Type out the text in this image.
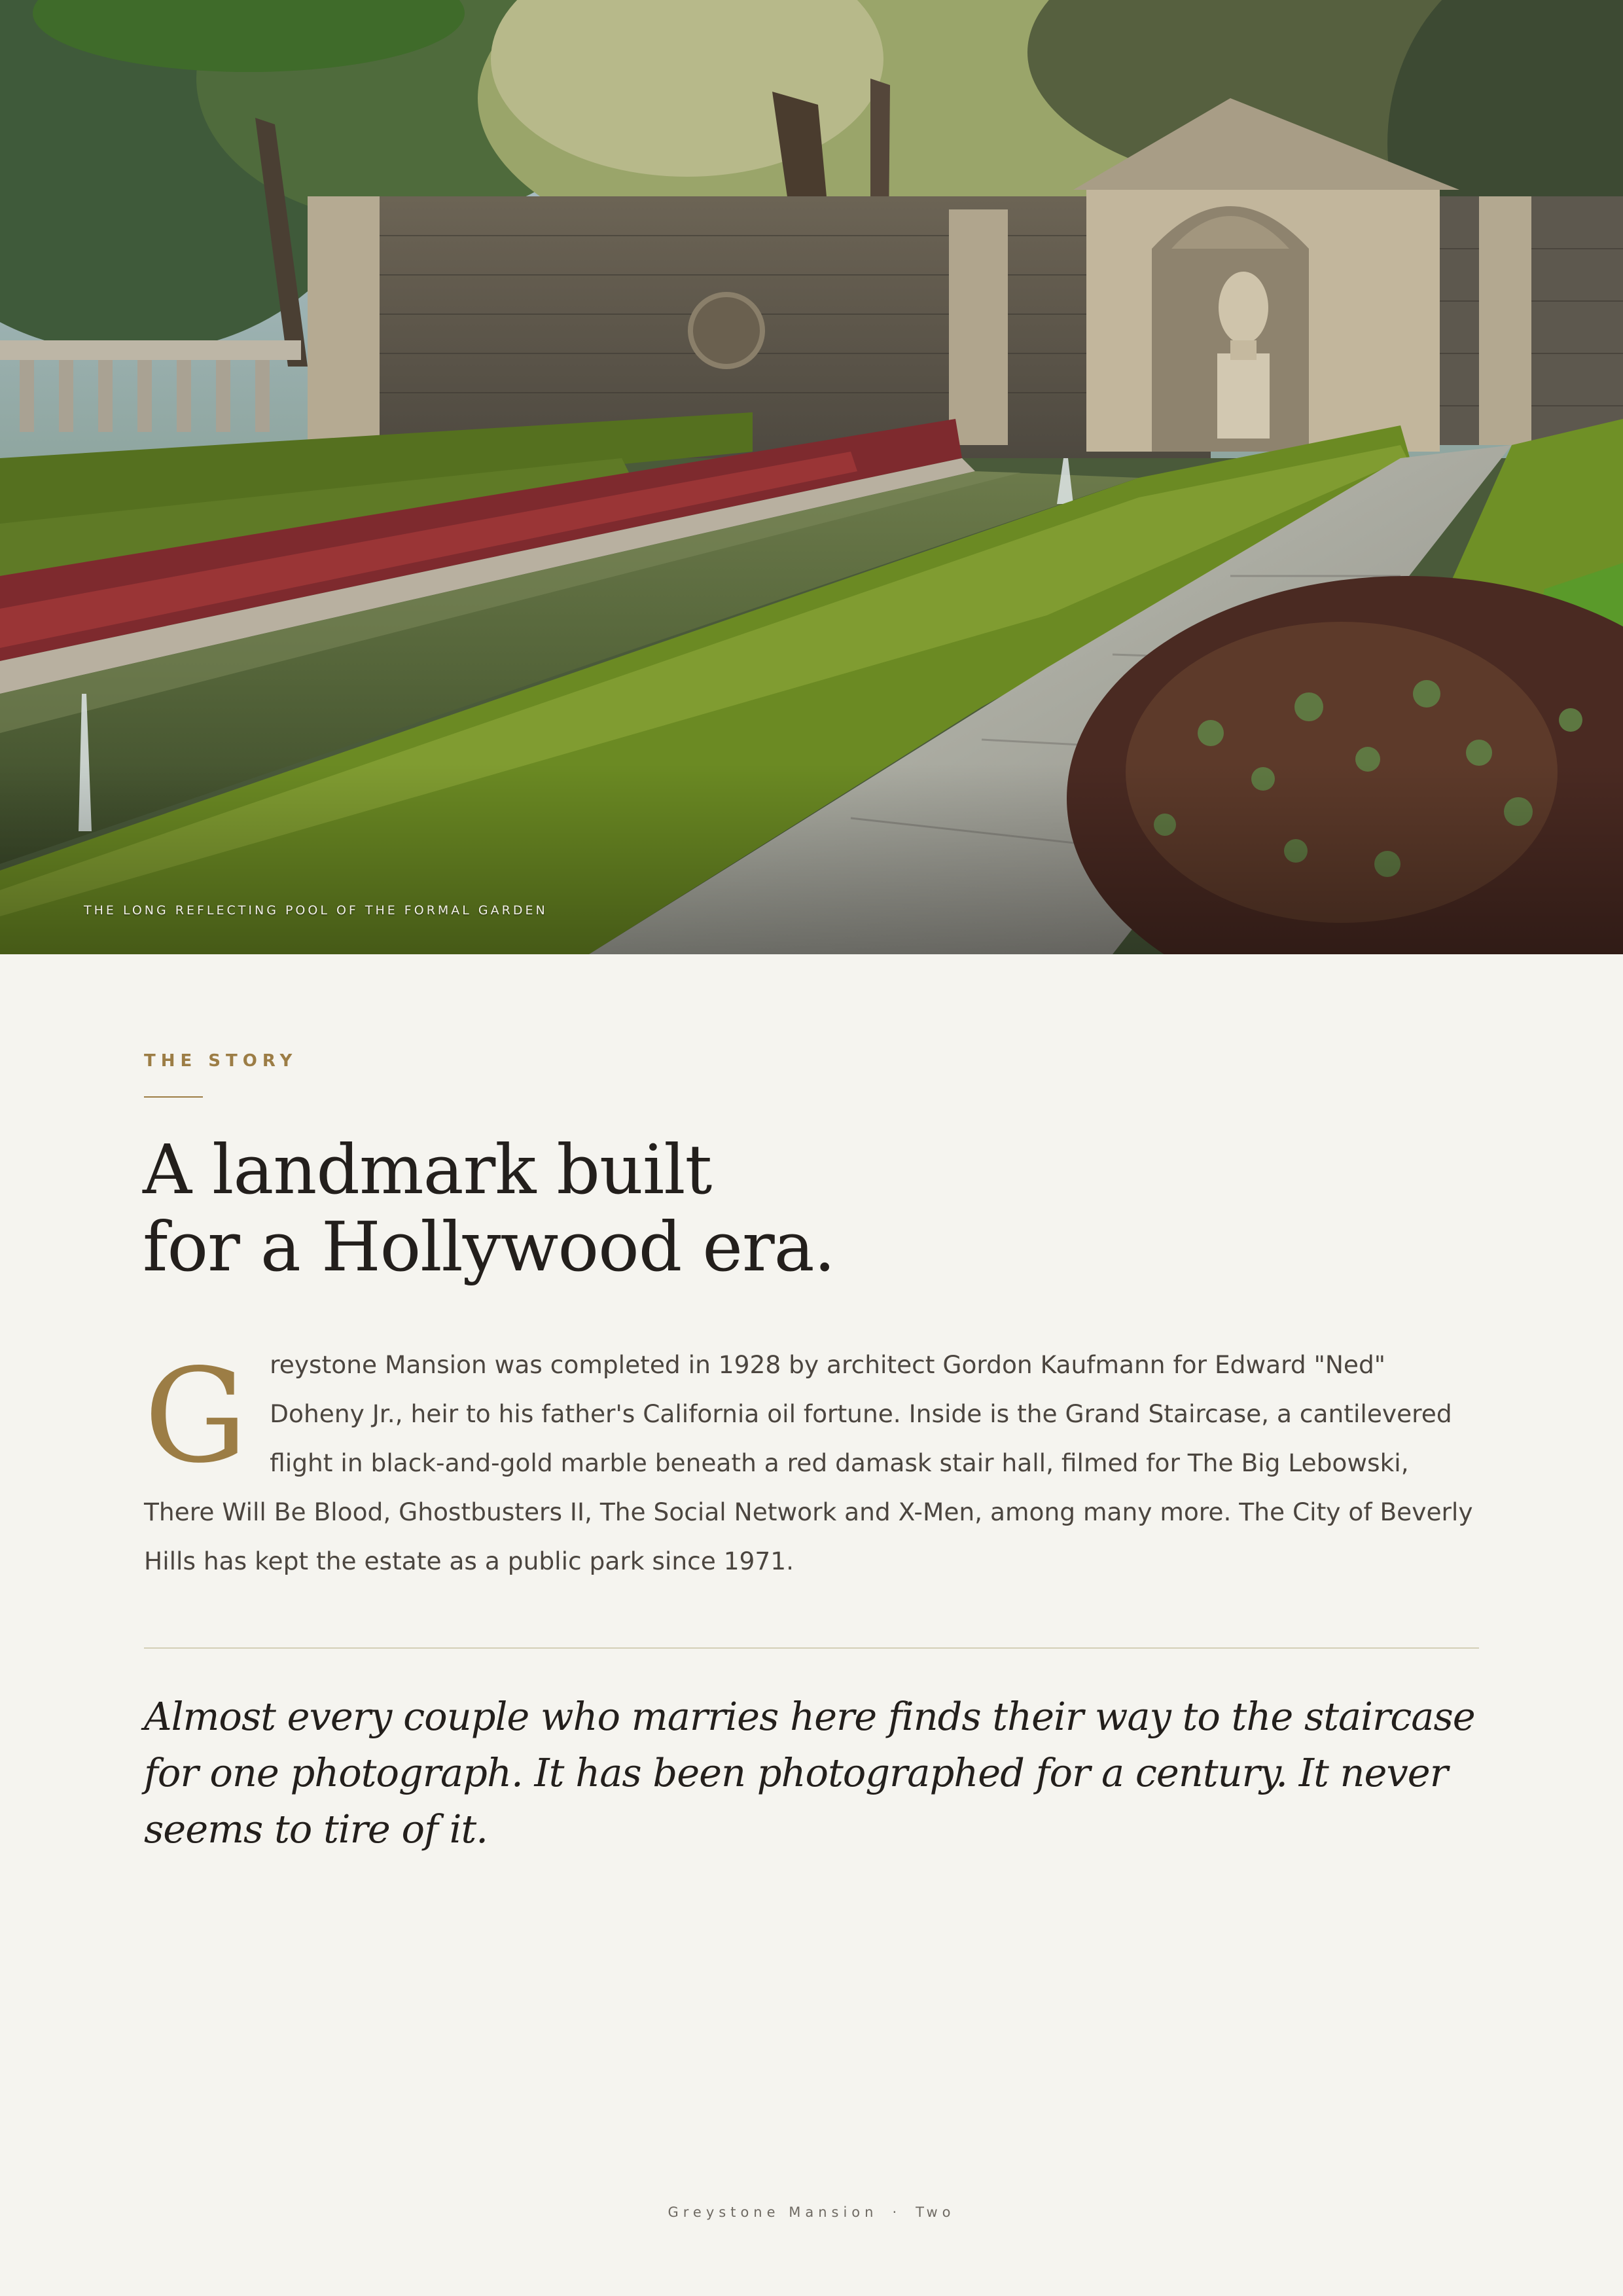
THE LONG REFLECTING POOL OF THE FORMAL GARDEN
THE STORY
A landmark built
for a Hollywood era.

Greystone Mansion was completed in 1928 by architect Gordon Kaufmann for Edward "Ned" Doheny Jr., heir to his father's California oil fortune. Inside is the Grand Staircase, a cantilevered flight in black-and-gold marble beneath a red damask stair hall, filmed for The Big Lebowski, There Will Be Blood, Ghostbusters II, The Social Network and X-Men, among many more. The City of Beverly Hills has kept the estate as a public park since 1971.

Almost every couple who marries here finds their way to the staircase for one photograph. It has been photographed for a century. It never seems to tire of it.

Greystone Mansion · Two
